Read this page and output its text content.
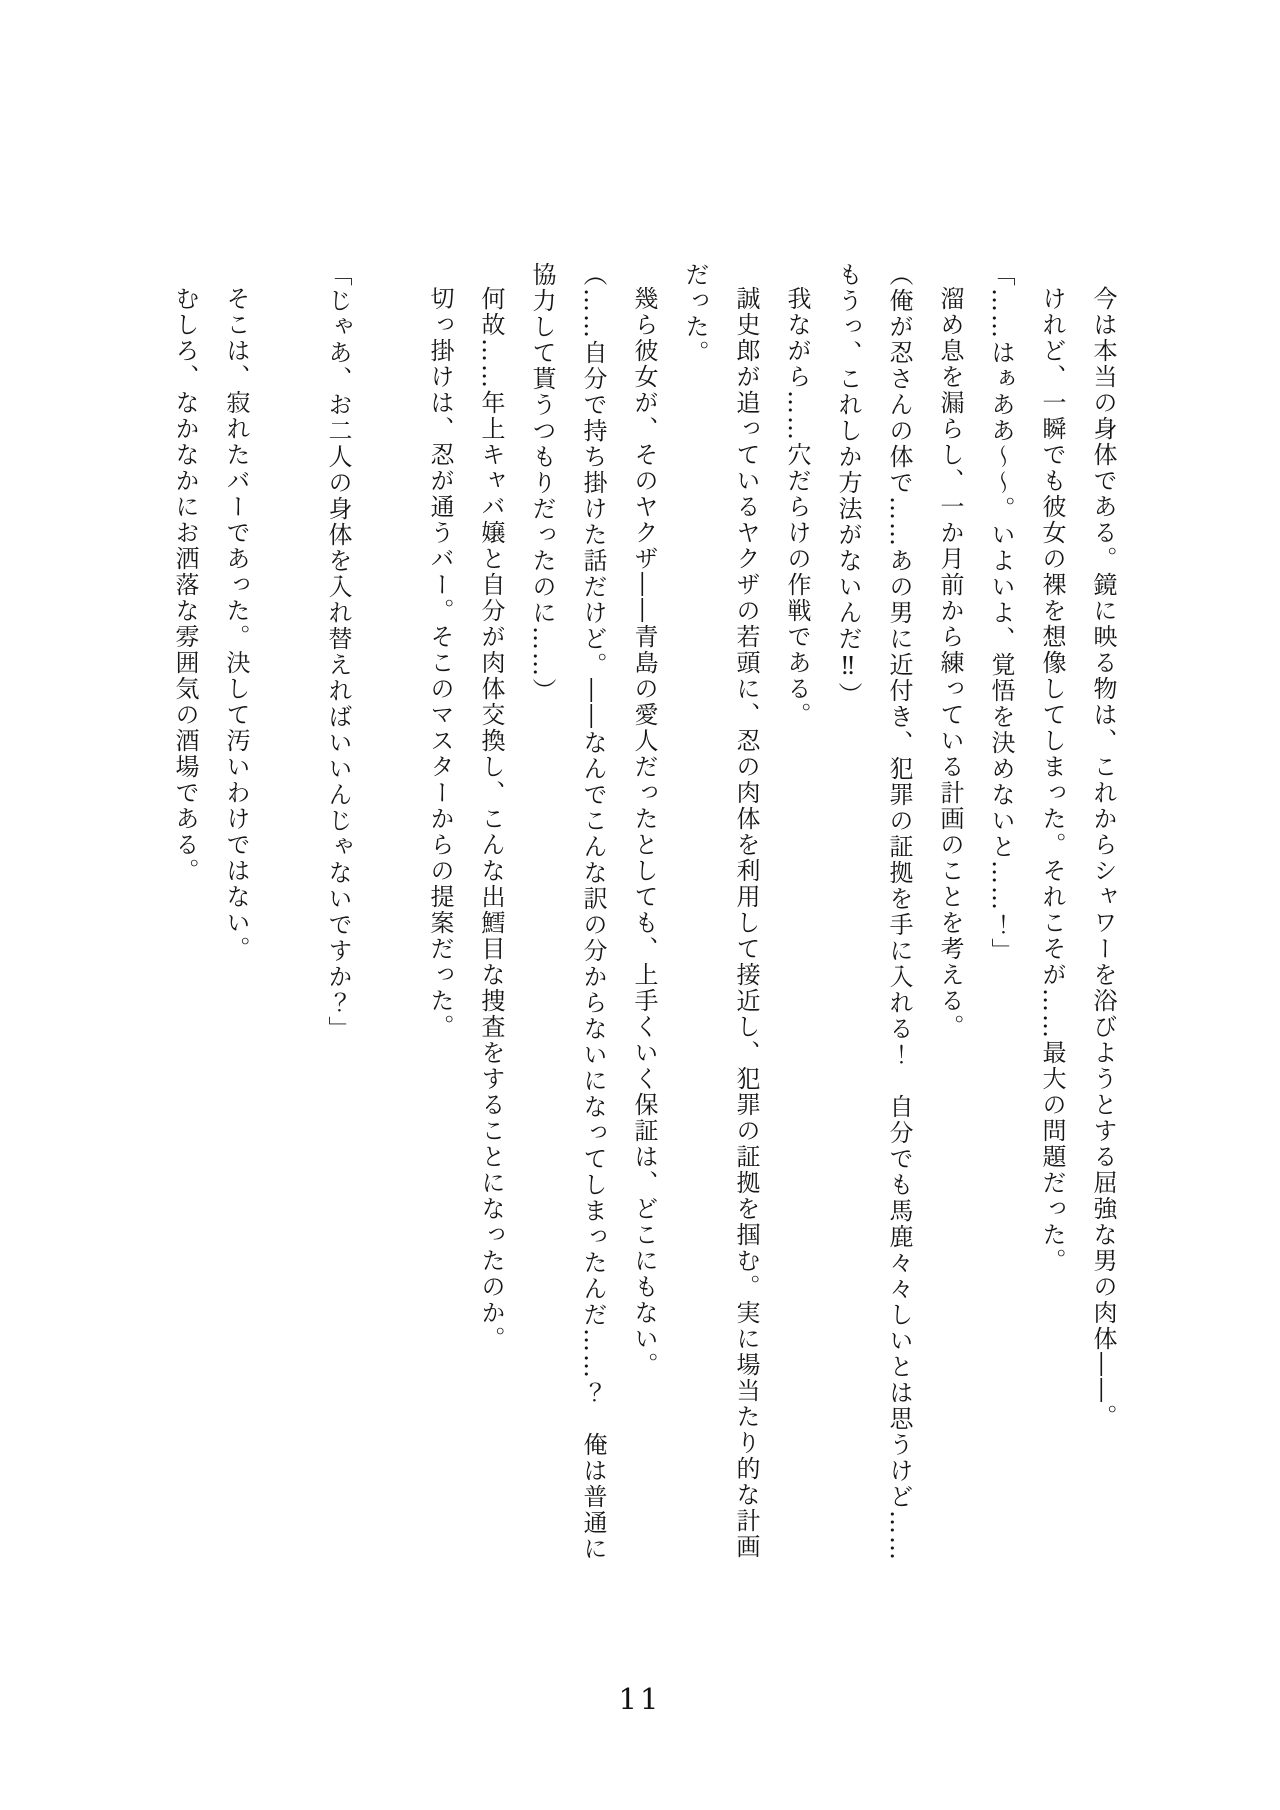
今は本当の身体である。鏡に映る物は、これからシャワーを浴びようとする屈強な男の肉体――。

けれど、一瞬でも彼女の裸を想像してしまった。それこそが……最大の問題だった。

「……はぁああ～～。いよいよ、覚悟を決めないと……！」

溜め息を漏らし、一か月前から練っている計画のことを考える。

（俺が忍さんの体で……あの男に近付き、犯罪の証拠を手に入れる！　自分でも馬鹿々々しいとは思うけど……
もうっ、これしか方法がないんだ‼）

我ながら……穴だらけの作戦である。

誠史郎が追っているヤクザの若頭に、忍の肉体を利用して接近し、犯罪の証拠を掴む。実に場当たり的な計画
だった。

幾ら彼女が、そのヤクザ――青島の愛人だったとしても、上手くいく保証は、どこにもない。

（……自分で持ち掛けた話だけど。――なんでこんな訳の分からないになってしまったんだ……？　俺は普通に
協力して貰うつもりだったのに……）

何故……年上キャバ嬢と自分が肉体交換し、こんな出鱈目な捜査をすることになったのか。

切っ掛けは、忍が通うバー。そこのマスターからの提案だった。

「じゃあ、お二人の身体を入れ替えればいいんじゃないですか？」

そこは、寂れたバーであった。決して汚いわけではない。

むしろ、なかなかにお洒落な雰囲気の酒場である。

11
